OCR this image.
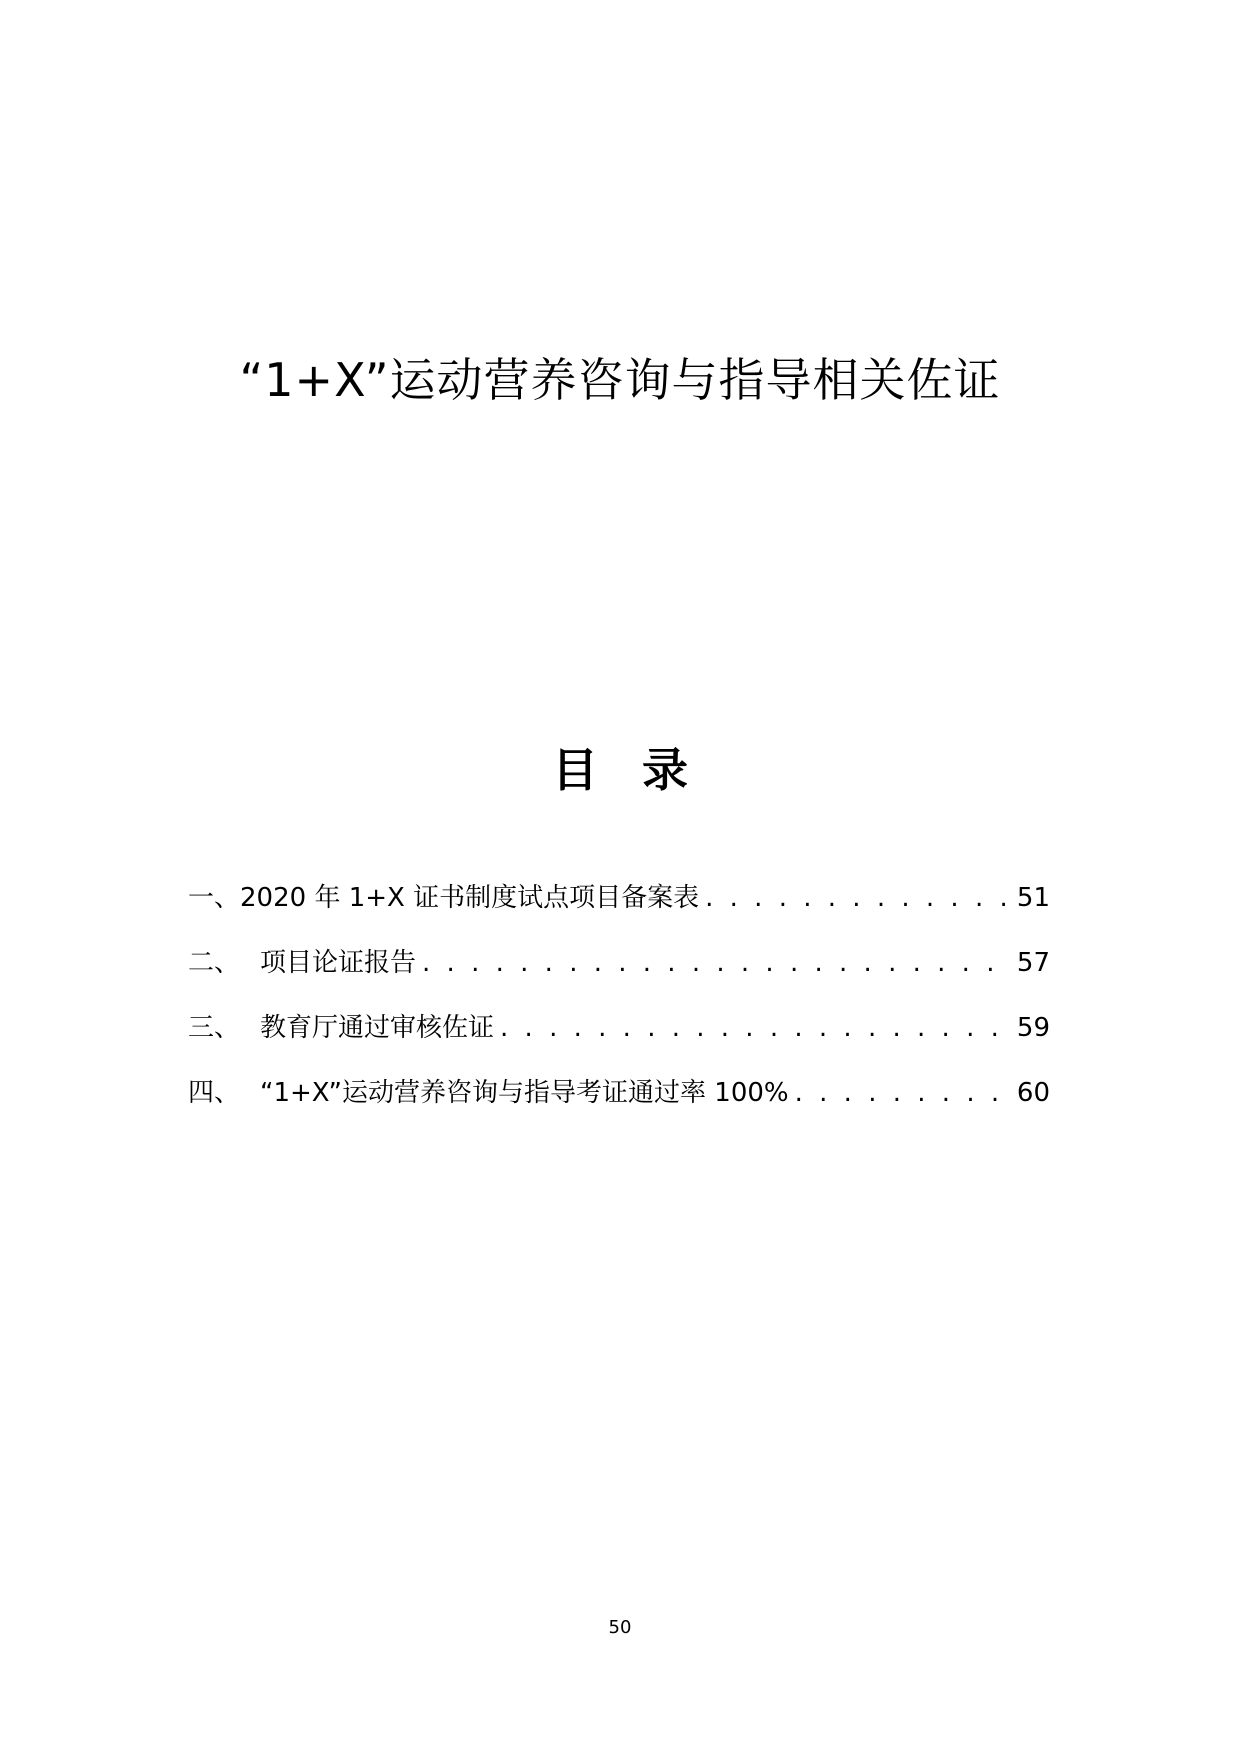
“1+X”运动营养咨询与指导相关佐证
目录
一、 2020 年 1+X 证书制度试点项目备案表 . . .	51
二、 项目论证报告 . . .	57
三、 教育厅通过审核佐证 . . .	59
四、 “1+X”运动营养咨询与指导考证通过率 100% . . .	60
50
